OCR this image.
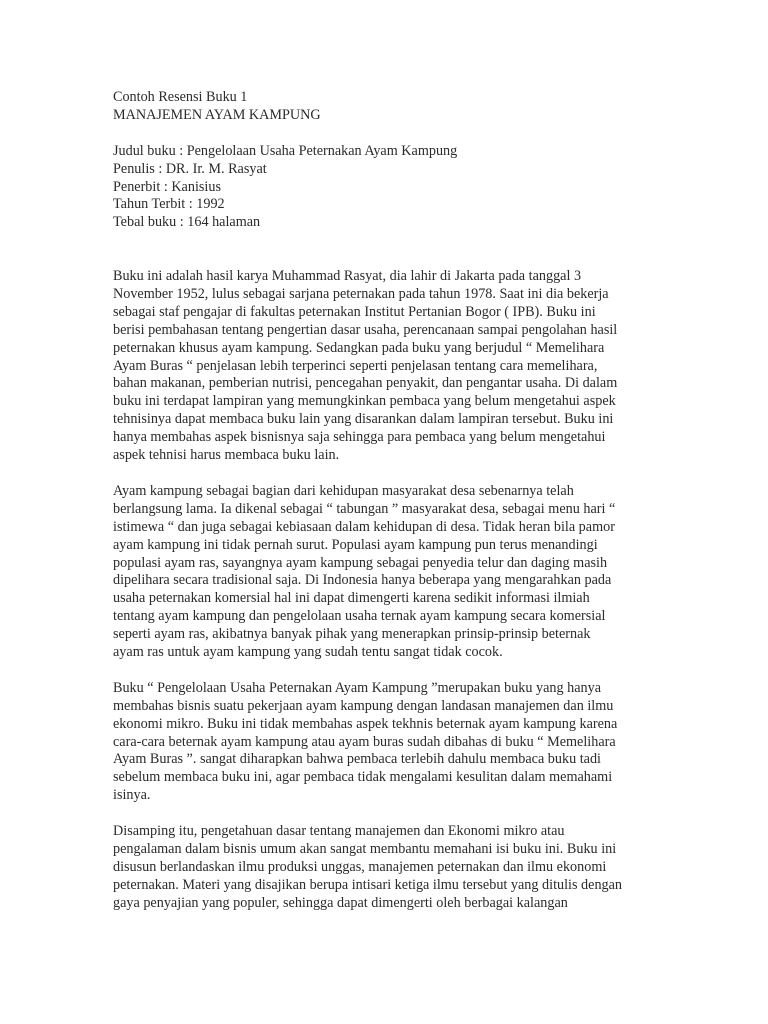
Contoh Resensi Buku 1
MANAJEMEN AYAM KAMPUNG
Judul buku : Pengelolaan Usaha Peternakan Ayam Kampung
Penulis : DR. Ir. M. Rasyat
Penerbit : Kanisius
Tahun Terbit : 1992
Tebal buku : 164 halaman
Buku ini adalah hasil karya Muhammad Rasyat, dia lahir di Jakarta pada tanggal 3
November 1952, lulus sebagai sarjana peternakan pada tahun 1978. Saat ini dia bekerja
sebagai staf pengajar di fakultas peternakan Institut Pertanian Bogor ( IPB). Buku ini
berisi pembahasan tentang pengertian dasar usaha, perencanaan sampai pengolahan hasil
peternakan khusus ayam kampung. Sedangkan pada buku yang berjudul “ Memelihara
Ayam Buras “ penjelasan lebih terperinci seperti penjelasan tentang cara memelihara,
bahan makanan, pemberian nutrisi, pencegahan penyakit, dan pengantar usaha. Di dalam
buku ini terdapat lampiran yang memungkinkan pembaca yang belum mengetahui aspek
tehnisinya dapat membaca buku lain yang disarankan dalam lampiran tersebut. Buku ini
hanya membahas aspek bisnisnya saja sehingga para pembaca yang belum mengetahui
aspek tehnisi harus membaca buku lain.
Ayam kampung sebagai bagian dari kehidupan masyarakat desa sebenarnya telah
berlangsung lama. Ia dikenal sebagai “ tabungan ” masyarakat desa, sebagai menu hari “
istimewa “ dan juga sebagai kebiasaan dalam kehidupan di desa. Tidak heran bila pamor
ayam kampung ini tidak pernah surut. Populasi ayam kampung pun terus menandingi
populasi ayam ras, sayangnya ayam kampung sebagai penyedia telur dan daging masih
dipelihara secara tradisional saja. Di Indonesia hanya beberapa yang mengarahkan pada
usaha peternakan komersial hal ini dapat dimengerti karena sedikit informasi ilmiah
tentang ayam kampung dan pengelolaan usaha ternak ayam kampung secara komersial
seperti ayam ras, akibatnya banyak pihak yang menerapkan prinsip-prinsip beternak
ayam ras untuk ayam kampung yang sudah tentu sangat tidak cocok.
Buku “ Pengelolaan Usaha Peternakan Ayam Kampung ”merupakan buku yang hanya
membahas bisnis suatu pekerjaan ayam kampung dengan landasan manajemen dan ilmu
ekonomi mikro. Buku ini tidak membahas aspek tekhnis beternak ayam kampung karena
cara-cara beternak ayam kampung atau ayam buras sudah dibahas di buku “ Memelihara
Ayam Buras ”. sangat diharapkan bahwa pembaca terlebih dahulu membaca buku tadi
sebelum membaca buku ini, agar pembaca tidak mengalami kesulitan dalam memahami
isinya.
Disamping itu, pengetahuan dasar tentang manajemen dan Ekonomi mikro atau
pengalaman dalam bisnis umum akan sangat membantu memahani isi buku ini. Buku ini
disusun berlandaskan ilmu produksi unggas, manajemen peternakan dan ilmu ekonomi
peternakan. Materi yang disajikan berupa intisari ketiga ilmu tersebut yang ditulis dengan
gaya penyajian yang populer, sehingga dapat dimengerti oleh berbagai kalangan
